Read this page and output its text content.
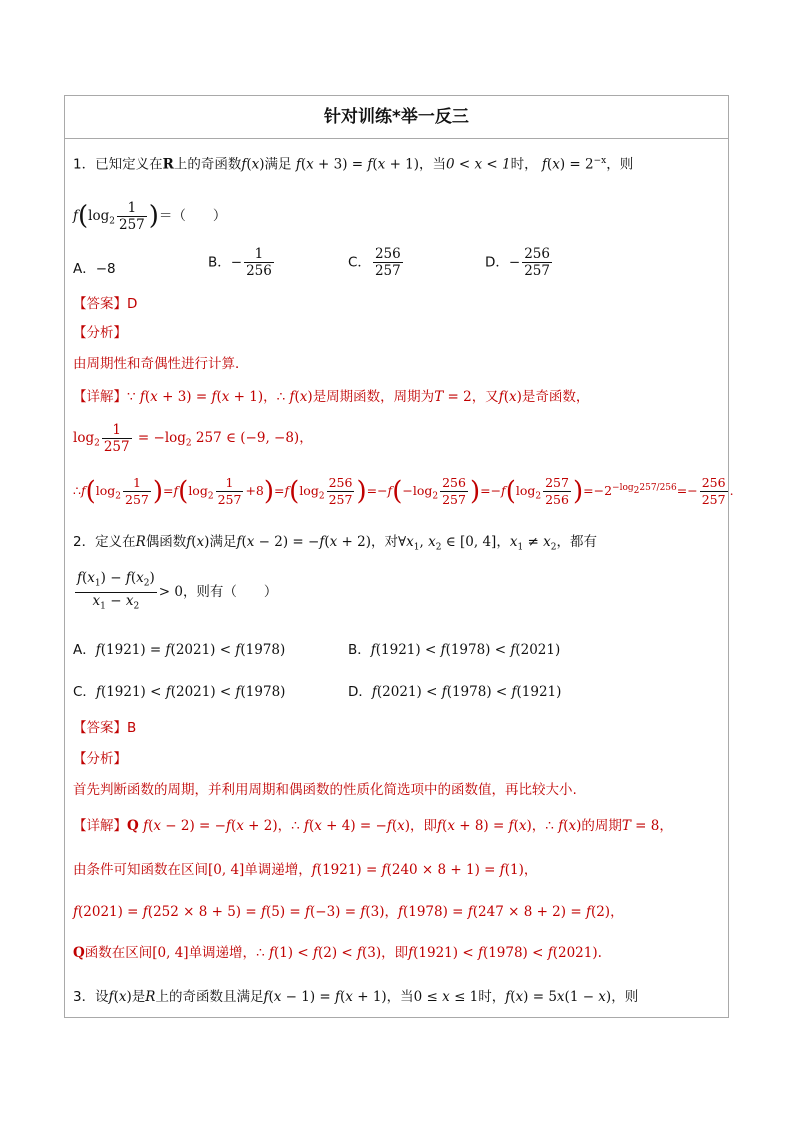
针对训练*举一反三
1．已知定义在R上的奇函数f(x)满足 f(x + 3) = f(x + 1)，当0 < x < 1时， $f(x) = 2^{-x}$，则
$f(\log_2 \frac{1}{257}$ )＝（　　）
A．−8	B．− $\frac{1}{256}$	C． $\frac{256}{257}$	D．− $\frac{256}{257}$
【答案】D
【分析】
由周期性和奇偶性进行计算．
【详解】∵ f(x + 3) = f(x + 1)，∴ f(x)是周期函数，周期为T = 2，又f(x)是奇函数，
$\log_2 \frac{1}{257} = -\log_2$ 257 ∈ (−9, −8)，
$\therefore f(\log_2 \frac{1}{257} )=f(\log_2 \frac{1}{257} +8)=f(\log_2 \frac{256}{257} )=-f(-\log_2 \frac{256}{257} )=-f(\log_2 \frac{257}{256} )=-2^{-log_2257/256}=- \frac{256}{257}$ .
2．定义在R偶函数f(x)满足f(x − 2) = −f(x + 2)，对$\forall x_1$, $x_2$ ∈ [0, 4]，$x_1 \ne x_2$，都有
$\frac{f(x_1) - f(x_2)}{x_1 - x_2} > 0$，则有（　　）
A．f(1921) = f(2021) < f(1978)	B．f(1921) < f(1978) < f(2021)
C．f(1921) < f(2021) < f(1978)	D．f(2021) < f(1978) < f(1921)
【答案】B
【分析】
首先判断函数的周期，并利用周期和偶函数的性质化简选项中的函数值，再比较大小.
【详解】Q f(x − 2) = −f(x + 2)，∴ f(x + 4) = −f(x)，即f(x + 8) = f(x)，∴ f(x)的周期T = 8，
由条件可知函数在区间[0, 4]单调递增，f(1921) = f(240 × 8 + 1) = f(1)，
f(2021) = f(252 × 8 + 5) = f(5) = f(−3) = f(3)，f(1978) = f(247 × 8 + 2) = f(2)，
Q函数在区间[0, 4]单调递增，∴ f(1) < f(2) < f(3)，即f(1921) < f(1978) < f(2021).
3．设f(x)是R上的奇函数且满足f(x − 1) = f(x + 1)，当0 ≤ x ≤ 1时，f(x) = 5x(1 − x)，则
